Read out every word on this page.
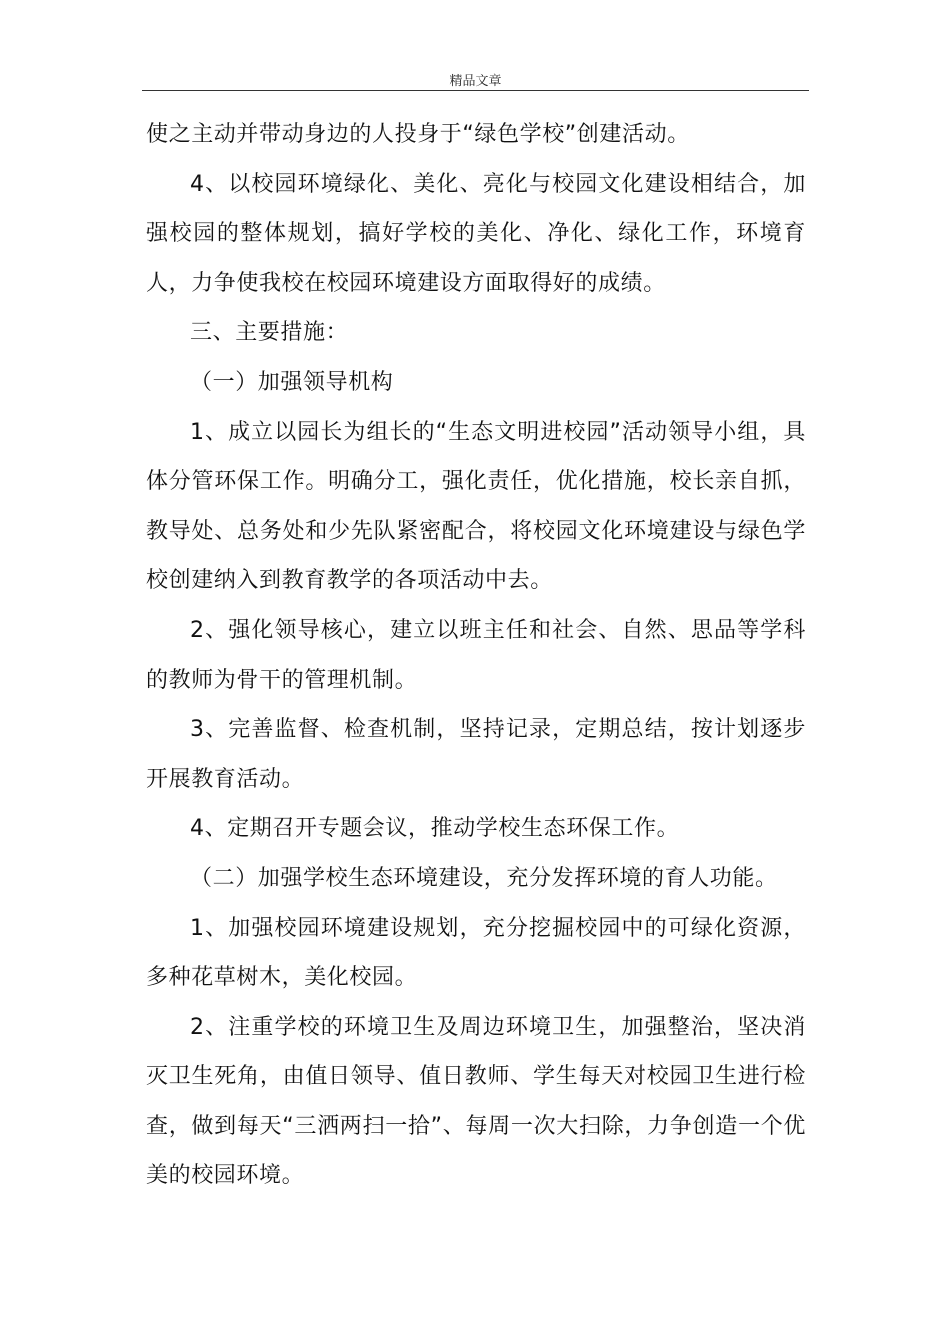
精品文章

使之主动并带动身边的人投身于“绿色学校”创建活动。

4、以校园环境绿化、美化、亮化与校园文化建设相结合，加强校园的整体规划，搞好学校的美化、净化、绿化工作，环境育人，力争使我校在校园环境建设方面取得好的成绩。

三、主要措施：

（一）加强领导机构

1、成立以园长为组长的“生态文明进校园”活动领导小组，具体分管环保工作。明确分工，强化责任，优化措施，校长亲自抓，教导处、总务处和少先队紧密配合，将校园文化环境建设与绿色学校创建纳入到教育教学的各项活动中去。

2、强化领导核心，建立以班主任和社会、自然、思品等学科的教师为骨干的管理机制。

3、完善监督、检查机制，坚持记录，定期总结，按计划逐步开展教育活动。

4、定期召开专题会议，推动学校生态环保工作。

（二）加强学校生态环境建设，充分发挥环境的育人功能。

1、加强校园环境建设规划，充分挖掘校园中的可绿化资源，多种花草树木，美化校园。

2、注重学校的环境卫生及周边环境卫生，加强整治，坚决消灭卫生死角，由值日领导、值日教师、学生每天对校园卫生进行检查，做到每天“三洒两扫一拾”、每周一次大扫除，力争创造一个优美的校园环境。
